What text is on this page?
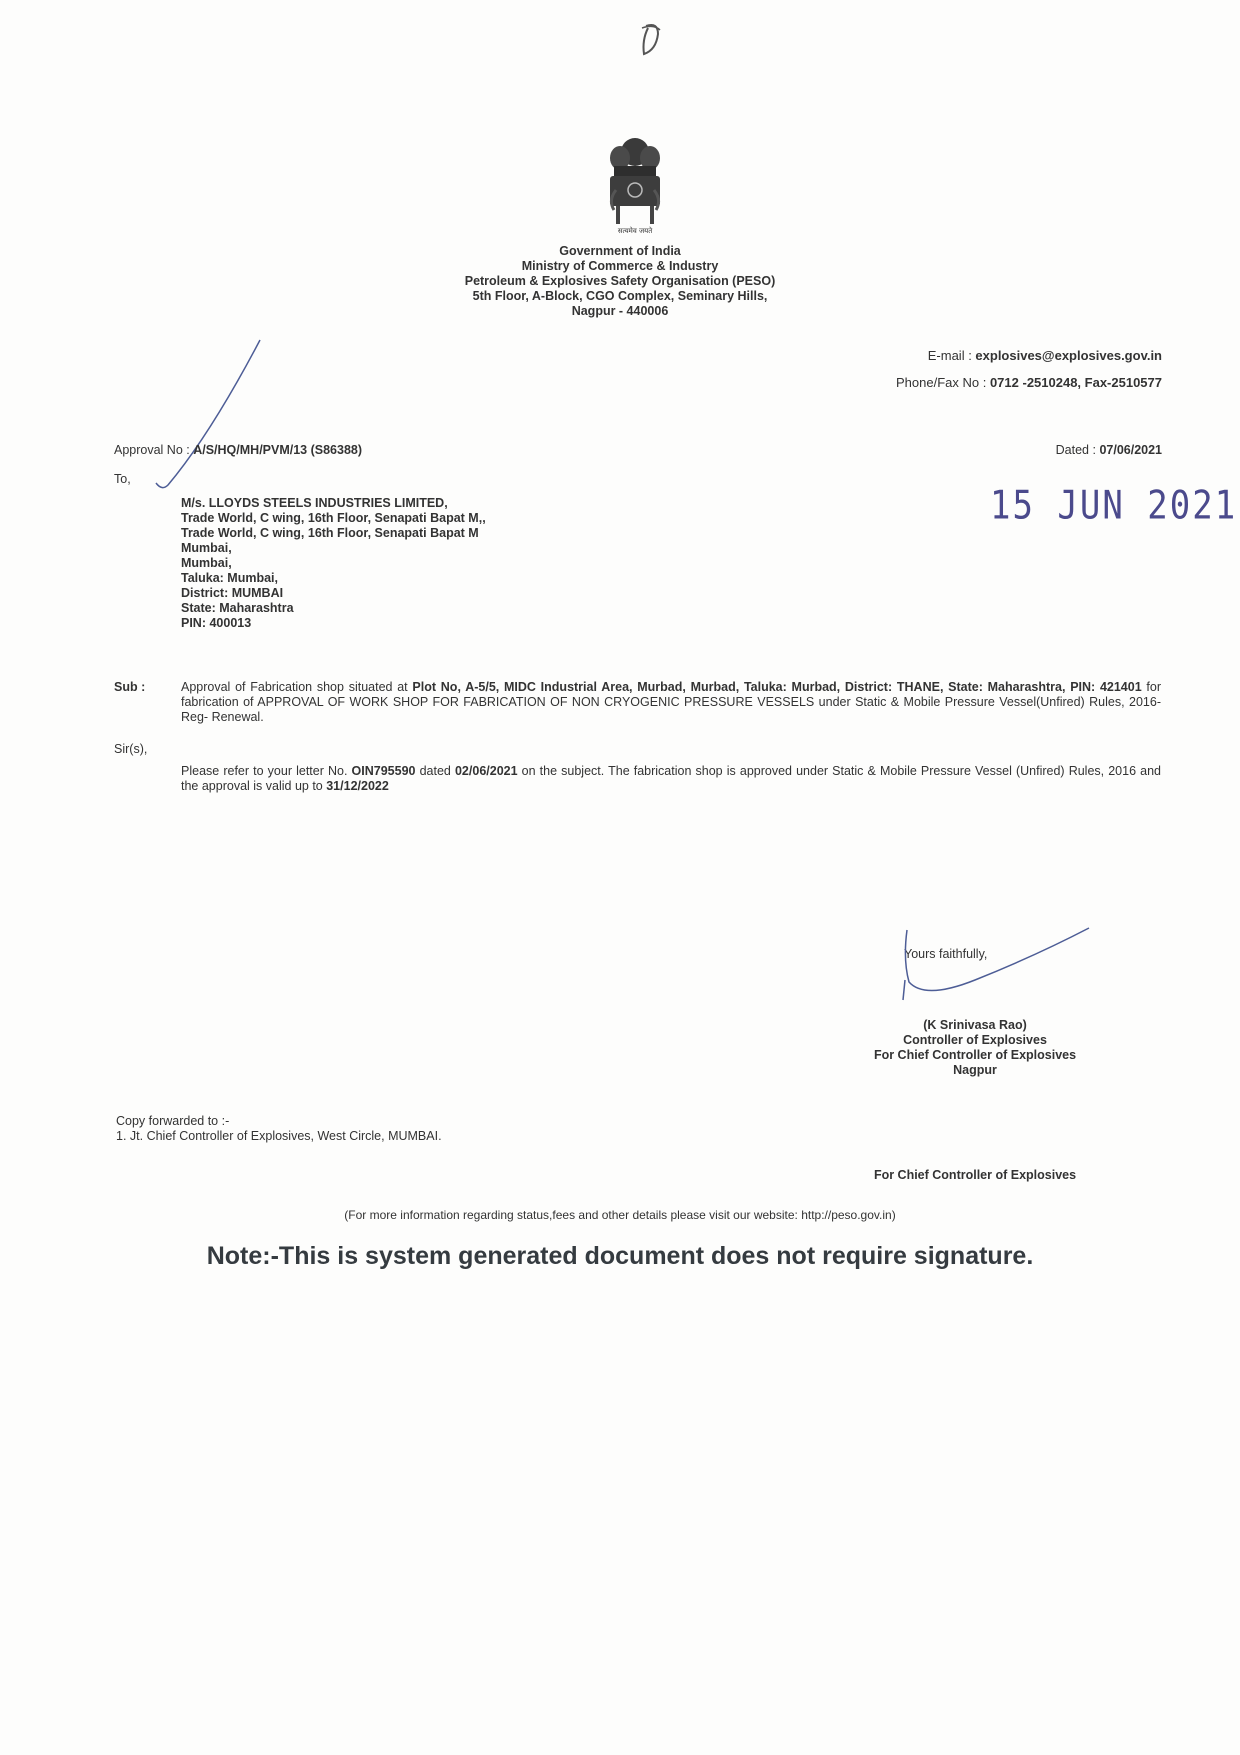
सत्यमेव जयते
Government of India
Ministry of Commerce & Industry
Petroleum & Explosives Safety Organisation (PESO)
5th Floor, A-Block, CGO Complex, Seminary Hills,
Nagpur - 440006
E-mail : explosives@explosives.gov.in
Phone/Fax No : 0712 -2510248, Fax-2510577
Approval No : A/S/HQ/MH/PVM/13 (S86388)	Dated : 07/06/2021
To,
15 JUN 2021
M/s. LLOYDS STEELS INDUSTRIES LIMITED,
Trade World, C wing, 16th Floor, Senapati Bapat M,,
Trade World, C wing, 16th Floor, Senapati Bapat M
Mumbai,
Mumbai,
Taluka: Mumbai,
District: MUMBAI
State: Maharashtra
PIN: 400013
Sub :	Approval of Fabrication shop situated at Plot No, A-5/5, MIDC Industrial Area, Murbad, Murbad, Taluka: Murbad, District: THANE, State: Maharashtra, PIN: 421401 for fabrication of APPROVAL OF WORK SHOP FOR FABRICATION OF NON CRYOGENIC PRESSURE VESSELS under Static & Mobile Pressure Vessel(Unfired) Rules, 2016-Reg- Renewal.
Sir(s),
Please refer to your letter No. OIN795590 dated 02/06/2021 on the subject. The fabrication shop is approved under Static & Mobile Pressure Vessel (Unfired) Rules, 2016 and the approval is valid up to 31/12/2022
Yours faithfully,
(K Srinivasa Rao)
Controller of Explosives
For Chief Controller of Explosives
Nagpur
Copy forwarded to :-
1. Jt. Chief Controller of Explosives, West Circle, MUMBAI.
For Chief Controller of Explosives
(For more information regarding status,fees and other details please visit our website: http://peso.gov.in)
Note:-This is system generated document does not require signature.
